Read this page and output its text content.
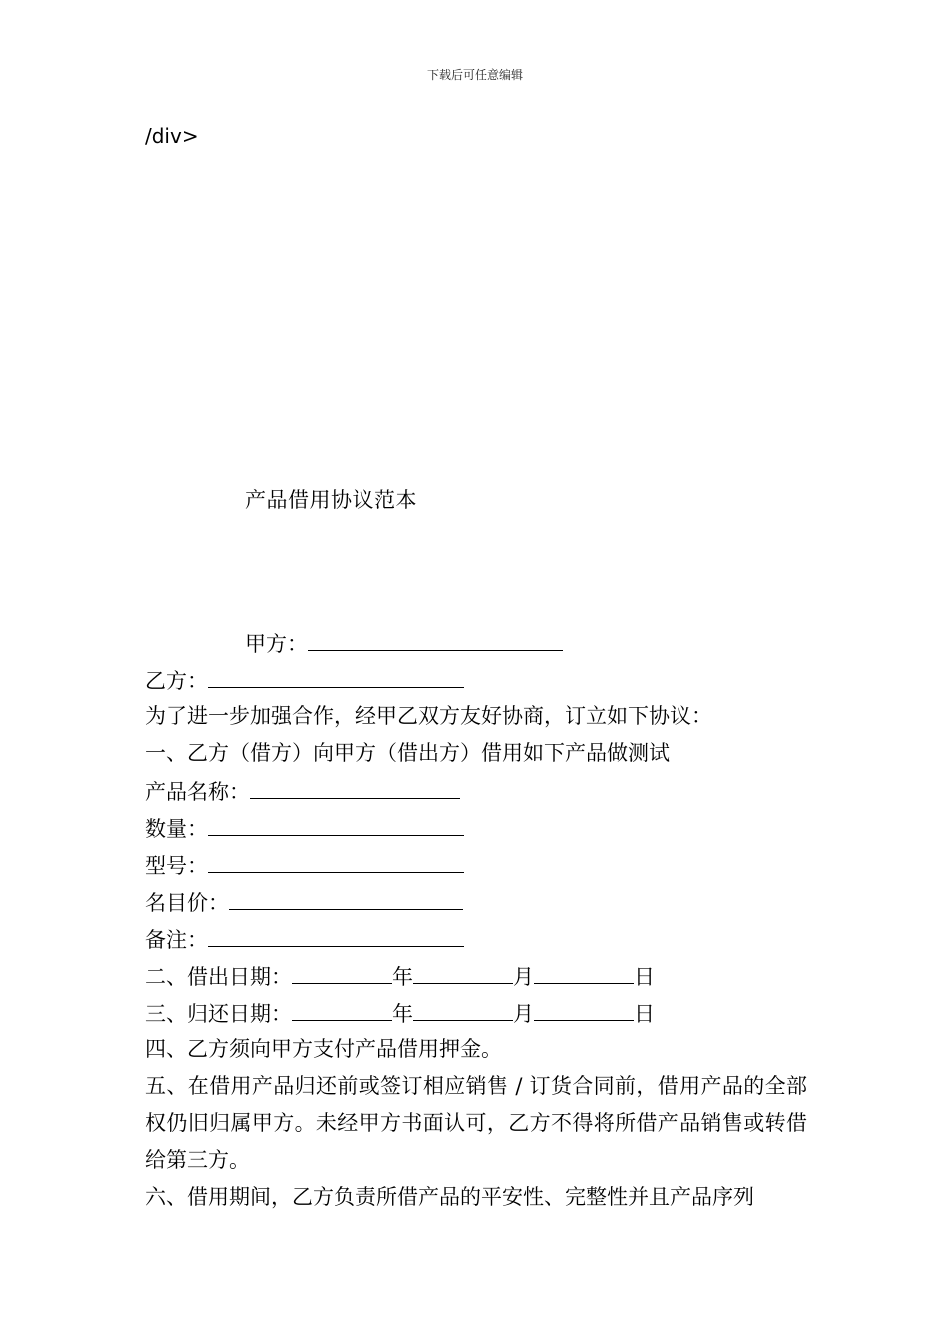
下载后可任意编辑
/div>
产品借用协议范本
甲方：
乙方：
为了进一步加强合作，经甲乙双方友好协商，订立如下协议：
一、乙方（借方）向甲方（借出方）借用如下产品做测试
产品名称：
数量：
型号：
名目价：
备注：
二、借出日期：	年	月	日
三、归还日期：	年	月	日
四、乙方须向甲方支付产品借用押金。
五、在借用产品归还前或签订相应销售 / 订货合同前，借用产品的全部权仍旧归属甲方。未经甲方书面认可，乙方不得将所借产品销售或转借给第三方。
六、借用期间，乙方负责所借产品的平安性、完整性并且产品序列
